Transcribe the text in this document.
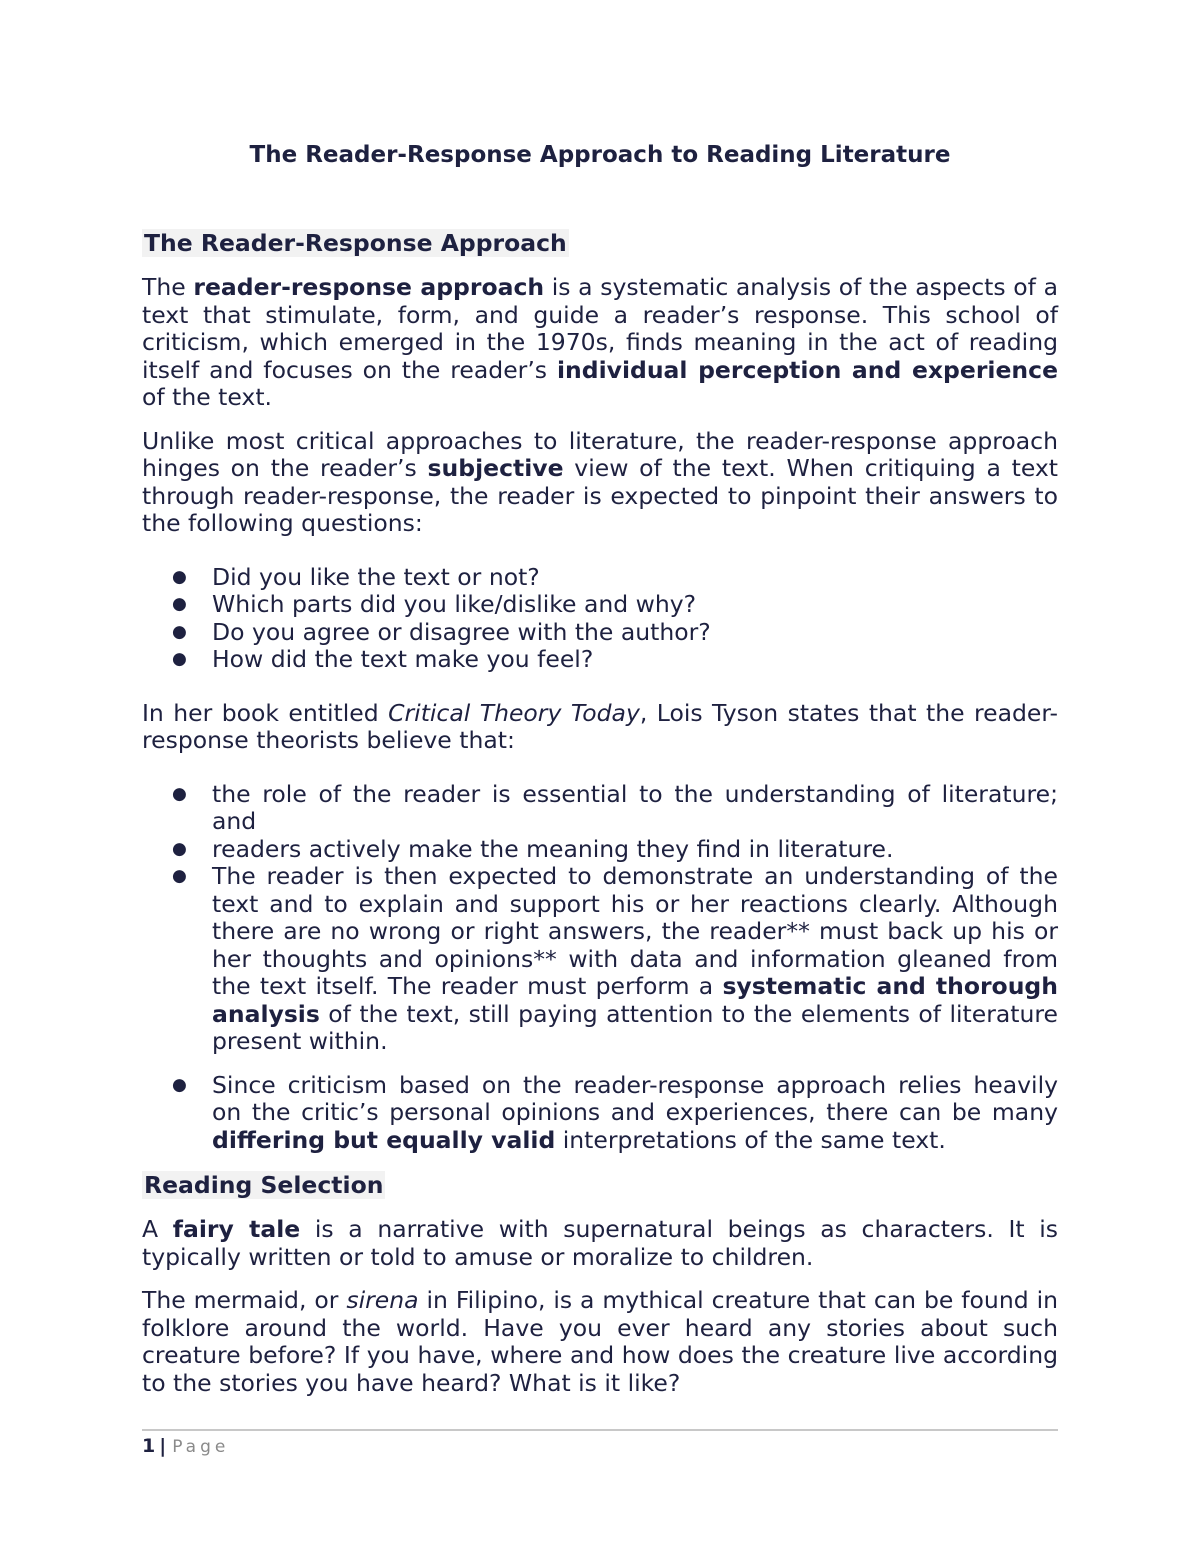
The Reader-Response Approach to Reading Literature
The Reader-Response Approach

The reader-response approach is a systematic analysis of the aspects of a text that stimulate, form, and guide a reader’s response. This school of criticism, which emerged in the 1970s, finds meaning in the act of reading itself and focuses on the reader’s individual perception and experience of the text.

Unlike most critical approaches to literature, the reader-response approach hinges on the reader’s subjective view of the text. When critiquing a text through reader-response, the reader is expected to pinpoint their answers to the following questions:

● Did you like the text or not?
● Which parts did you like/dislike and why?
● Do you agree or disagree with the author?
● How did the text make you feel?

In her book entitled Critical Theory Today, Lois Tyson states that the reader-response theorists believe that:

● the role of the reader is essential to the understanding of literature; and
● readers actively make the meaning they find in literature.
● The reader is then expected to demonstrate an understanding of the text and to explain and support his or her reactions clearly. Although there are no wrong or right answers, the reader** must back up his or her thoughts and opinions** with data and information gleaned from the text itself. The reader must perform a systematic and thorough analysis of the text, still paying attention to the elements of literature present within.
● Since criticism based on the reader-response approach relies heavily on the critic’s personal opinions and experiences, there can be many differing but equally valid interpretations of the same text.
Reading Selection

A fairy tale is a narrative with supernatural beings as characters. It is typically written or told to amuse or moralize to children.

The mermaid, or sirena in Filipino, is a mythical creature that can be found in folklore around the world. Have you ever heard any stories about such creature before? If you have, where and how does the creature live according to the stories you have heard? What is it like?

1 | Page
